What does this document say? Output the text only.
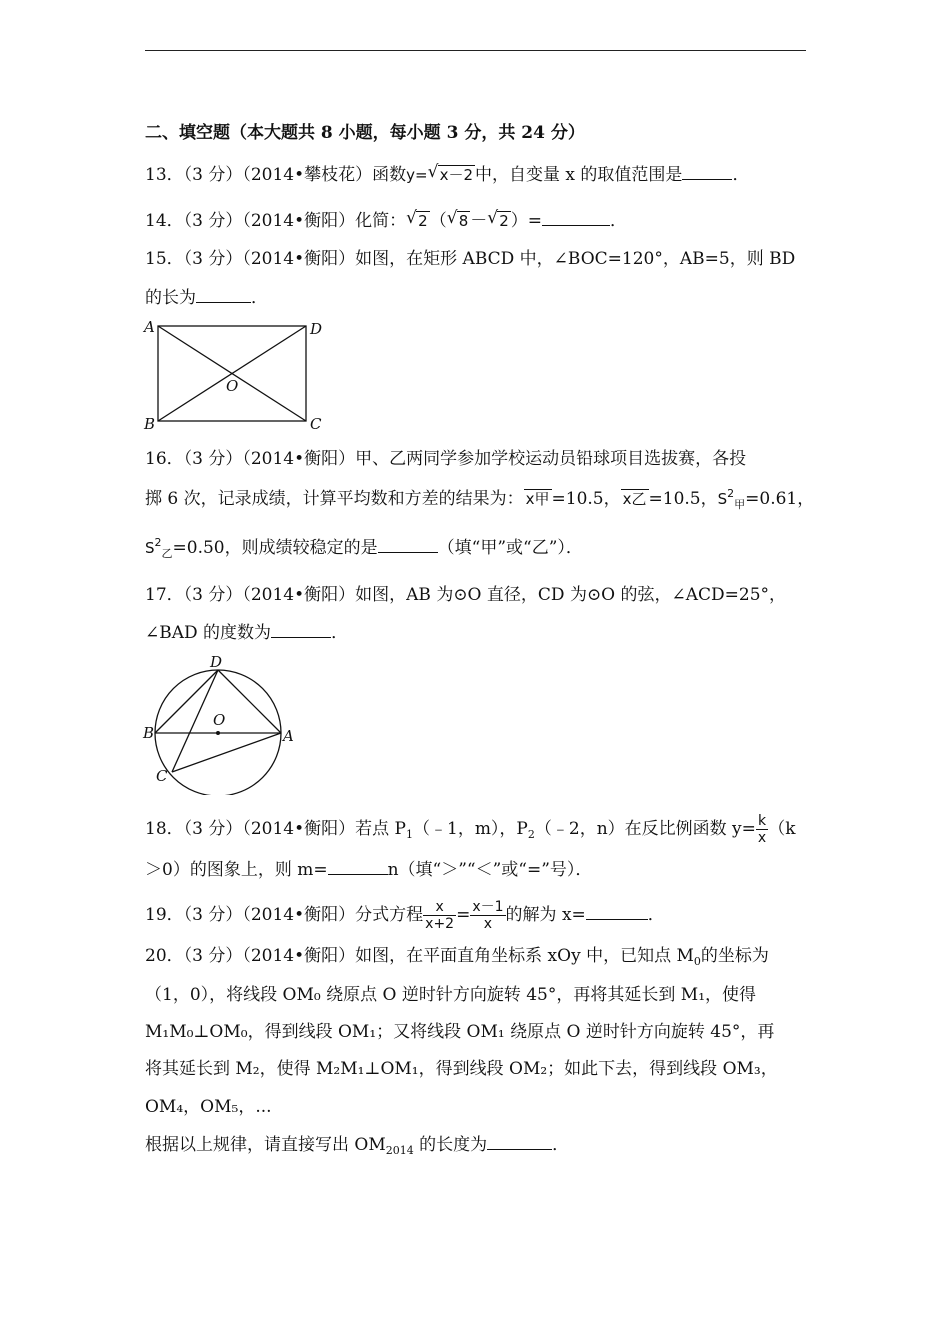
二、填空题（本大题共 8 小题，每小题 3 分，共 24 分）
13．（3 分）（2014•攀枝花）函数y= √ x－2 中，自变量 x 的取值范围是	．
14．（3 分）（2014•衡阳）化简： √ 2 （ √ 8 － √ 2 ）=	．
15．（3 分）（2014•衡阳）如图，在矩形 ABCD 中，∠BOC=120°，AB=5，则 BD
的长为	．
A	D
B	C
O
16．（3 分）（2014•衡阳）甲、乙两同学参加学校运动员铅球项目选拔赛，各投
掷 6 次，记录成绩，计算平均数和方差的结果为： x甲 =10.5， x乙 =10.5，$S^2_甲=0.61$，
$S^2_乙=0.50$，则成绩较稳定的是	（填“甲”或“乙”）．
17．（3 分）（2014•衡阳）如图，AB 为⊙O 直径，CD 为⊙O 的弦，∠ACD=25°，
∠BAD 的度数为	．
D
B	A
C
O
18．（3 分）（2014•衡阳）若点 $P_1(﹣1$，m），$P_2(﹣2$，n）在反比例函数 $y= \frac{k}{x} (k$
＞0）的图象上，则 m=	n（填“＞”“＜”或“=”号）．
19．（3 分）（2014•衡阳）分式方程 $\frac{x}{x+2} = \frac{x-1}{x}$ 的解为 x=	．
20．（3 分）（2014•衡阳）如图，在平面直角坐标系 xOy 中，已知点 $M_0$的坐标为
（1，0），将线段 OM₀ 绕原点 O 逆时针方向旋转 45°，再将其延长到 M₁，使得
M₁M₀⊥OM₀，得到线段 OM₁；又将线段 OM₁ 绕原点 O 逆时针方向旋转 45°，再
将其延长到 M₂，使得 M₂M₁⊥OM₁，得到线段 OM₂；如此下去，得到线段 OM₃，
OM₄，OM₅，...
根据以上规律，请直接写出 $OM_{2014}$ 的长度为	．
